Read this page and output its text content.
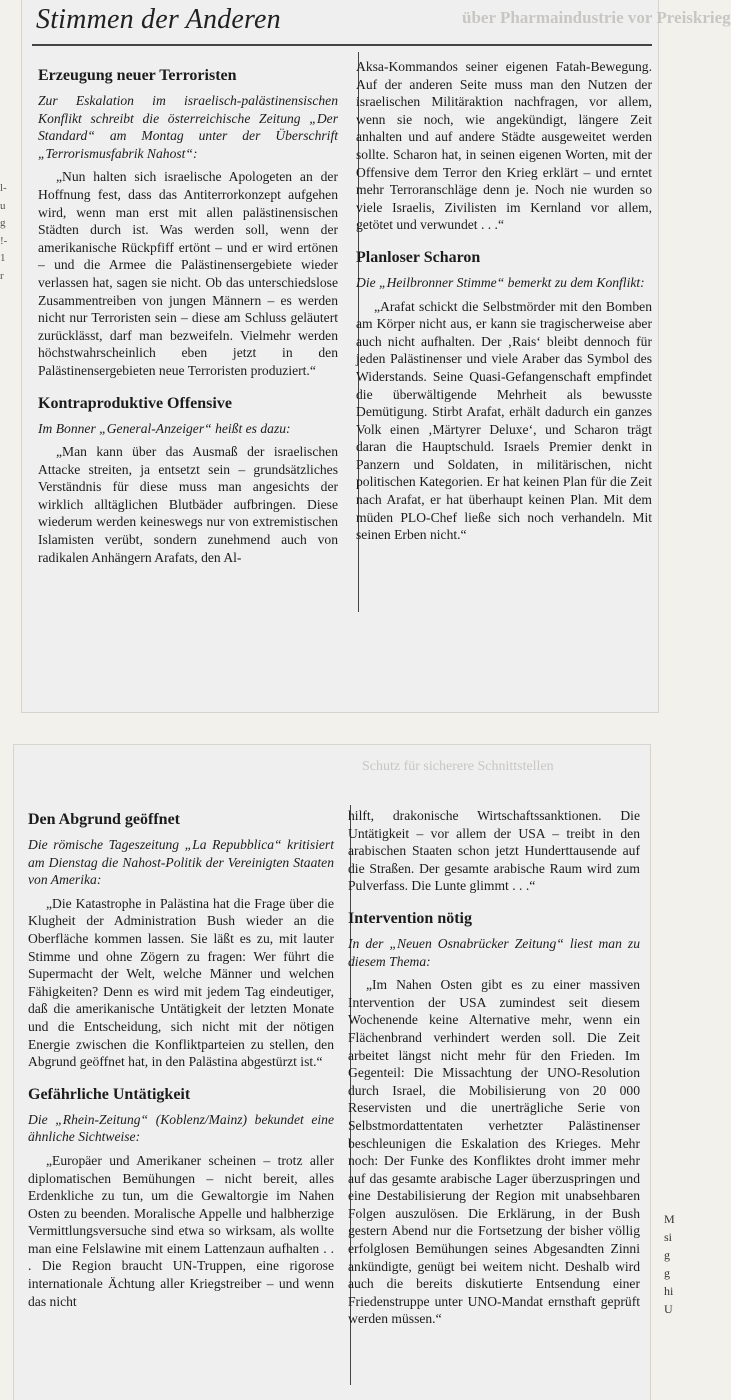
über Pharmaindustrie vor Preiskrieg
Stimmen der Anderen
Erzeugung neuer Terroristen

Zur Eskalation im israelisch-palästinensischen Konflikt schreibt die österreichische Zeitung „Der Standard“ am Montag unter der Überschrift „Terrorismusfabrik Nahost“:

„Nun halten sich israelische Apologeten an der Hoffnung fest, dass das Antiterrorkonzept aufgehen wird, wenn man erst mit allen palästinensischen Städten durch ist. Was werden soll, wenn der amerikanische Rückpfiff ertönt – und er wird ertönen – und die Armee die Palästinensergebiete wieder verlassen hat, sagen sie nicht. Ob das unterschiedslose Zusammentreiben von jungen Männern – es werden nicht nur Terroristen sein – diese am Schluss geläutert zurücklässt, darf man bezweifeln. Vielmehr werden höchstwahrscheinlich eben jetzt in den Palästinensergebieten neue Terroristen produziert.“

Kontraproduktive Offensive

Im Bonner „General-Anzeiger“ heißt es dazu:

„Man kann über das Ausmaß der israelischen Attacke streiten, ja entsetzt sein – grundsätzliches Verständnis für diese muss man angesichts der wirklich alltäglichen Blutbäder aufbringen. Diese wiederum werden keineswegs nur von extremistischen Islamisten verübt, sondern zunehmend auch von radikalen Anhängern Arafats, den Al-

Aksa-Kommandos seiner eigenen Fatah-Bewegung. Auf der anderen Seite muss man den Nutzen der israelischen Militäraktion nachfragen, vor allem, wenn sie noch, wie angekündigt, längere Zeit anhalten und auf andere Städte ausgeweitet werden sollte. Scharon hat, in seinen eigenen Worten, mit der Offensive dem Terror den Krieg erklärt – und erntet mehr Terroranschläge denn je. Noch nie wurden so viele Israelis, Zivilisten im Kernland vor allem, getötet und verwundet . . .“

Planloser Scharon

Die „Heilbronner Stimme“ bemerkt zu dem Konflikt:

„Arafat schickt die Selbstmörder mit den Bomben am Körper nicht aus, er kann sie tragischerweise aber auch nicht aufhalten. Der ‚Rais‘ bleibt dennoch für jeden Palästinenser und viele Araber das Symbol des Widerstands. Seine Quasi-Gefangenschaft empfindet die überwältigende Mehrheit als bewusste Demütigung. Stirbt Arafat, erhält dadurch ein ganzes Volk einen ‚Märtyrer Deluxe‘, und Scharon trägt daran die Hauptschuld. Israels Premier denkt in Panzern und Soldaten, in militärischen, nicht politischen Kategorien. Er hat keinen Plan für die Zeit nach Arafat, er hat überhaupt keinen Plan. Mit dem müden PLO-Chef ließe sich noch verhandeln. Mit seinen Erben nicht.“

l-
u
g
!-
1
r
Schutz für sicherere Schnittstellen
Den Abgrund geöffnet

Die römische Tageszeitung „La Repubblica“ kritisiert am Dienstag die Nahost-Politik der Vereinigten Staaten von Amerika:

„Die Katastrophe in Palästina hat die Frage über die Klugheit der Administration Bush wieder an die Oberfläche kommen lassen. Sie läßt es zu, mit lauter Stimme und ohne Zögern zu fragen: Wer führt die Supermacht der Welt, welche Männer und welchen Fähigkeiten? Denn es wird mit jedem Tag eindeutiger, daß die amerikanische Untätigkeit der letzten Monate und die Entscheidung, sich nicht mit der nötigen Energie zwischen die Konfliktparteien zu stellen, den Abgrund geöffnet hat, in den Palästina abgestürzt ist.“

Gefährliche Untätigkeit

Die „Rhein-Zeitung“ (Koblenz/Mainz) bekundet eine ähnliche Sichtweise:

„Europäer und Amerikaner scheinen – trotz aller diplomatischen Bemühungen – nicht bereit, alles Erdenkliche zu tun, um die Gewaltorgie im Nahen Osten zu beenden. Moralische Appelle und halbherzige Vermittlungsversuche sind etwa so wirksam, als wollte man eine Felslawine mit einem Lattenzaun aufhalten . . . Die Region braucht UN-Truppen, eine rigorose internationale Ächtung aller Kriegstreiber – und wenn das nicht

hilft, drakonische Wirtschaftssanktionen. Die Untätigkeit – vor allem der USA – treibt in den arabischen Staaten schon jetzt Hunderttausende auf die Straßen. Der gesamte arabische Raum wird zum Pulverfass. Die Lunte glimmt . . .“

Intervention nötig

In der „Neuen Osnabrücker Zeitung“ liest man zu diesem Thema:

„Im Nahen Osten gibt es zu einer massiven Intervention der USA zumindest seit diesem Wochenende keine Alternative mehr, wenn ein Flächenbrand verhindert werden soll. Die Zeit arbeitet längst nicht mehr für den Frieden. Im Gegenteil: Die Missachtung der UNO-Resolution durch Israel, die Mobilisierung von 20 000 Reservisten und die unerträgliche Serie von Selbstmordattentaten verhetzter Palästinenser beschleunigen die Eskalation des Krieges. Mehr noch: Der Funke des Konfliktes droht immer mehr auf das gesamte arabische Lager überzuspringen und eine Destabilisierung der Region mit unabsehbaren Folgen auszulösen. Die Erklärung, in der Bush gestern Abend nur die Fortsetzung der bisher völlig erfolglosen Bemühungen seines Abgesandten Zinni ankündigte, genügt bei weitem nicht. Deshalb wird auch die bereits diskutierte Entsendung einer Friedenstruppe unter UNO-Mandat ernsthaft geprüft werden müssen.“

M
si
g
g
hi
U
